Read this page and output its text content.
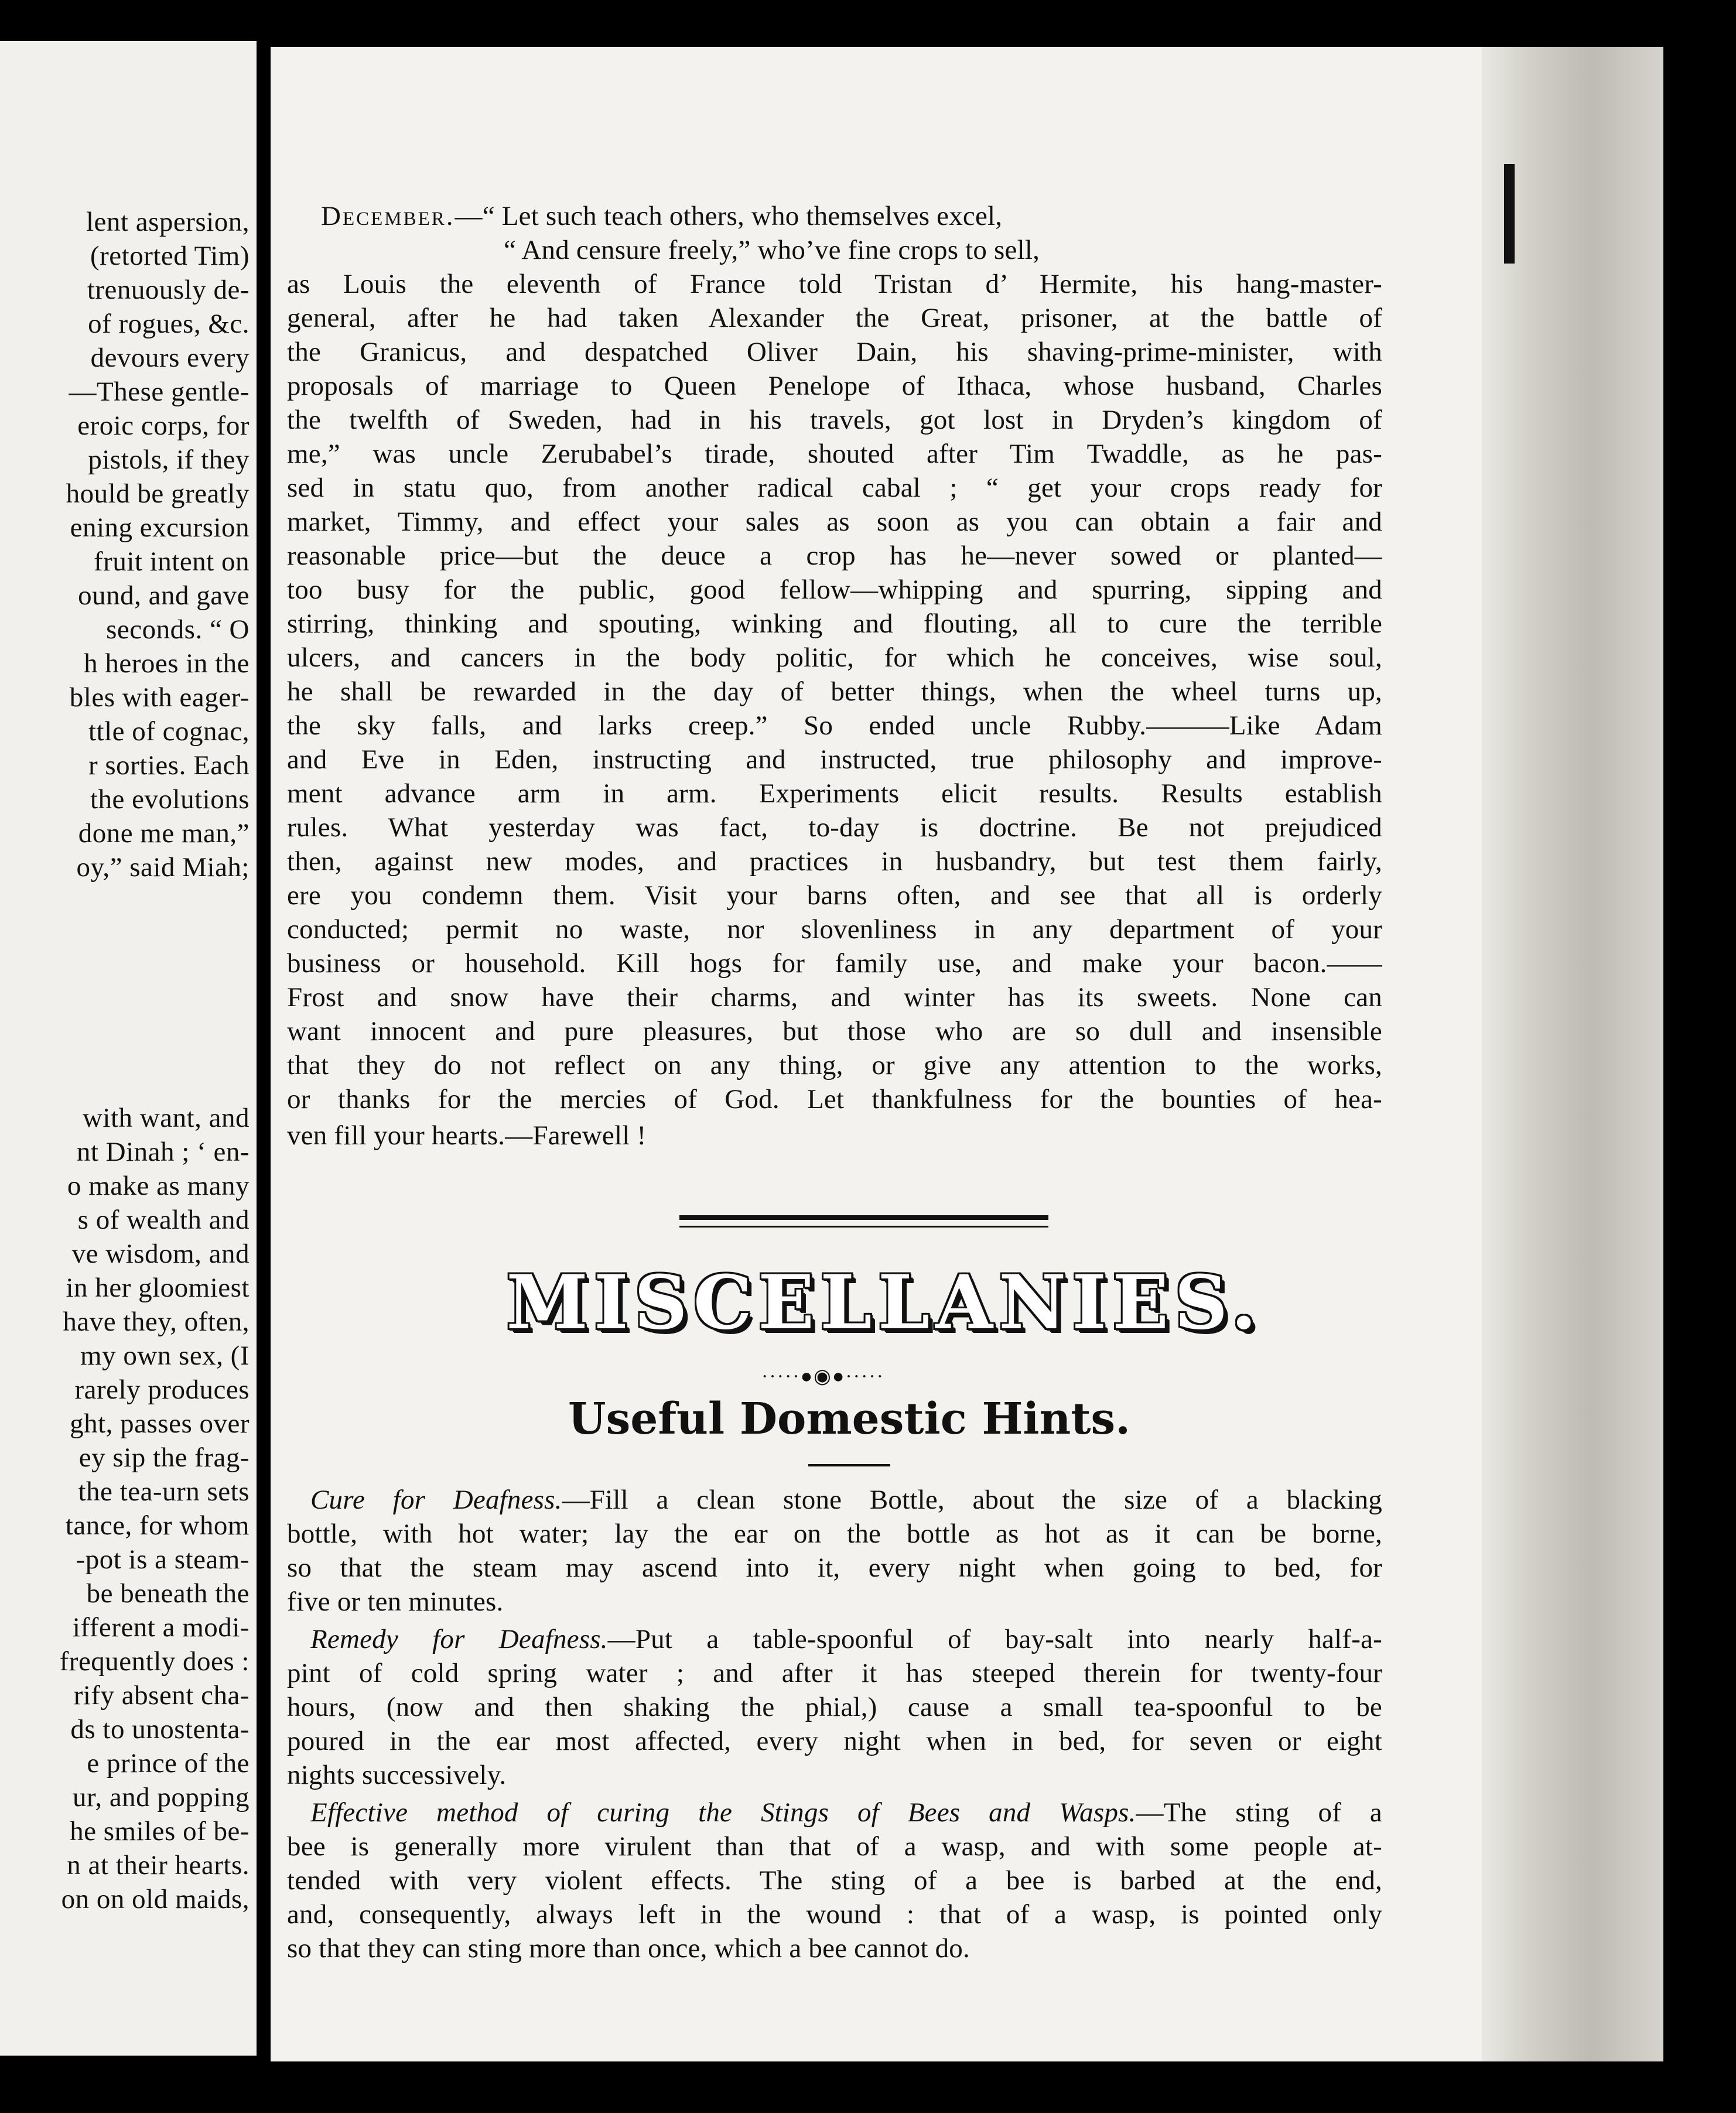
lent aspersion,
(retorted Tim)
trenuously de-
of rogues, &c.
devours every
—These gentle-
eroic corps, for
pistols, if they
hould be greatly
ening excursion
fruit intent on
ound, and gave
seconds. “ O
h heroes in the
bles with eager-
ttle of cognac,
r sorties. Each
the evolutions
done me man,”
oy,” said Miah;
with want, and
nt Dinah ; ‘ en-
o make as many
s of wealth and
ve wisdom, and
in her gloomiest
have they, often,
my own sex, (I
rarely produces
ght, passes over
ey sip the frag-
the tea-urn sets
tance, for whom
-pot is a steam-
be beneath the
ifferent a modi-
frequently does :
rify absent cha-
ds to unostenta-
e prince of the
ur, and popping
he smiles of be-
n at their hearts.
on on old maids,
December.—“ Let such teach others, who themselves excel,
“ And censure freely,” who’ve fine crops to sell,
as Louis the eleventh of France told Tristan d’ Hermite, his hang-master-
general, after he had taken Alexander the Great, prisoner, at the battle of
the Granicus, and despatched Oliver Dain, his shaving-prime-minister, with
proposals of marriage to Queen Penelope of Ithaca, whose husband, Charles
the twelfth of Sweden, had in his travels, got lost in Dryden’s kingdom of
me,” was uncle Zerubabel’s tirade, shouted after Tim Twaddle, as he pas-
sed in statu quo, from another radical cabal ; “ get your crops ready for
market, Timmy, and effect your sales as soon as you can obtain a fair and
reasonable price—but the deuce a crop has he—never sowed or planted—
too busy for the public, good fellow—whipping and spurring, sipping and
stirring, thinking and spouting, winking and flouting, all to cure the terrible
ulcers, and cancers in the body politic, for which he conceives, wise soul,
he shall be rewarded in the day of better things, when the wheel turns up,
the sky falls, and larks creep.” So ended uncle Rubby.———Like Adam
and Eve in Eden, instructing and instructed, true philosophy and improve-
ment advance arm in arm. Experiments elicit results. Results establish
rules. What yesterday was fact, to-day is doctrine. Be not prejudiced
then, against new modes, and practices in husbandry, but test them fairly,
ere you condemn them. Visit your barns often, and see that all is orderly
conducted; permit no waste, nor slovenliness in any department of your
business or household. Kill hogs for family use, and make your bacon.——
Frost and snow have their charms, and winter has its sweets. None can
want innocent and pure pleasures, but those who are so dull and insensible
that they do not reflect on any thing, or give any attention to the works,
or thanks for the mercies of God. Let thankfulness for the bounties of hea-
ven fill your hearts.—Farewell !
MISCELLANIES.
·····●◉●·····
Useful Domestic Hints.
Cure for Deafness.—Fill a clean stone Bottle, about the size of a blacking
bottle, with hot water; lay the ear on the bottle as hot as it can be borne,
so that the steam may ascend into it, every night when going to bed, for
five or ten minutes.
Remedy for Deafness.—Put a table-spoonful of bay-salt into nearly half-a-
pint of cold spring water ; and after it has steeped therein for twenty-four
hours, (now and then shaking the phial,) cause a small tea-spoonful to be
poured in the ear most affected, every night when in bed, for seven or eight
nights successively.
Effective method of curing the Stings of Bees and Wasps.—The sting of a
bee is generally more virulent than that of a wasp, and with some people at-
tended with very violent effects. The sting of a bee is barbed at the end,
and, consequently, always left in the wound : that of a wasp, is pointed only
so that they can sting more than once, which a bee cannot do.
